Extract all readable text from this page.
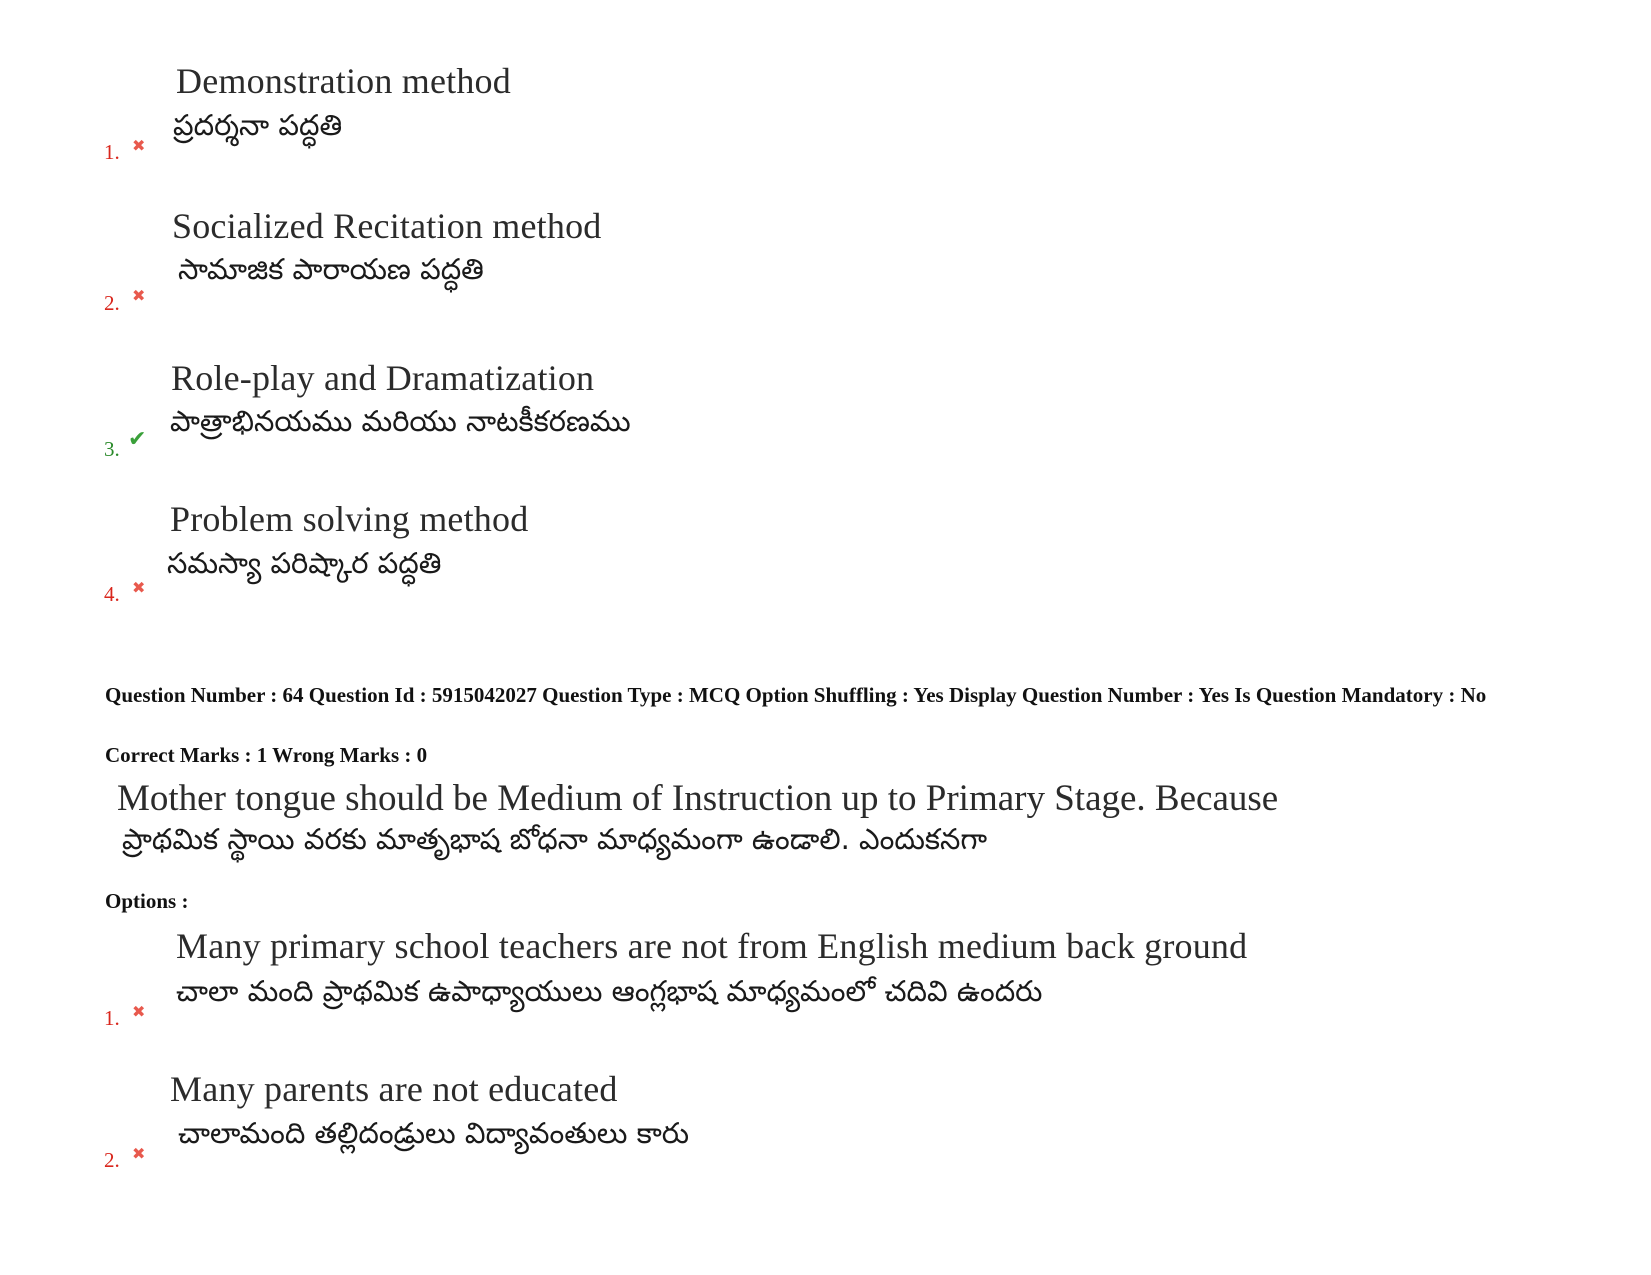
Demonstration method
ప్రదర్శనా పద్ధతి
1. ✖
Socialized Recitation method
సామాజిక పారాయణ పద్ధతి
2. ✖
Role-play and Dramatization
పాత్రాభినయము మరియు నాటకీకరణము
3. ✔
Problem solving method
సమస్యా పరిష్కార పద్ధతి
4. ✖
Question Number : 64 Question Id : 5915042027 Question Type : MCQ Option Shuffling : Yes Display Question Number : Yes Is Question Mandatory : No
Correct Marks : 1 Wrong Marks : 0
Mother tongue should be Medium of Instruction up to Primary Stage. Because
ప్రాథమిక స్థాయి వరకు మాతృభాష బోధనా మాధ్యమంగా ఉండాలి. ఎందుకనగా
Options :
Many primary school teachers are not from English medium back ground
చాలా మంది ప్రాథమిక ఉపాధ్యాయులు ఆంగ్లభాష మాధ్యమంలో చదివి ఉందరు
1. ✖
Many parents are not educated
చాలామంది తల్లిదండ్రులు విద్యావంతులు కారు
2. ✖
